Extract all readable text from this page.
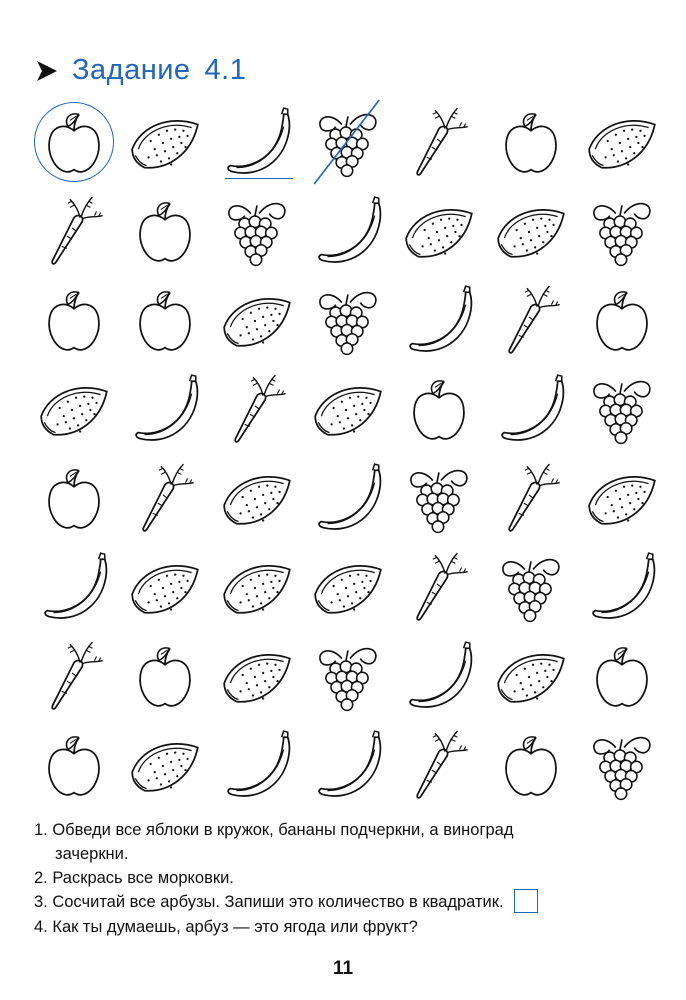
Задание 4.1

1. Обведи все яблоки в кружок, бананы подчеркни, а виноград
зачеркни.

2. Раскрась все морковки.

3. Сосчитай все арбузы. Запиши это количество в квадратик.

4. Как ты думаешь, арбуз — это ягода или фрукт?

11
